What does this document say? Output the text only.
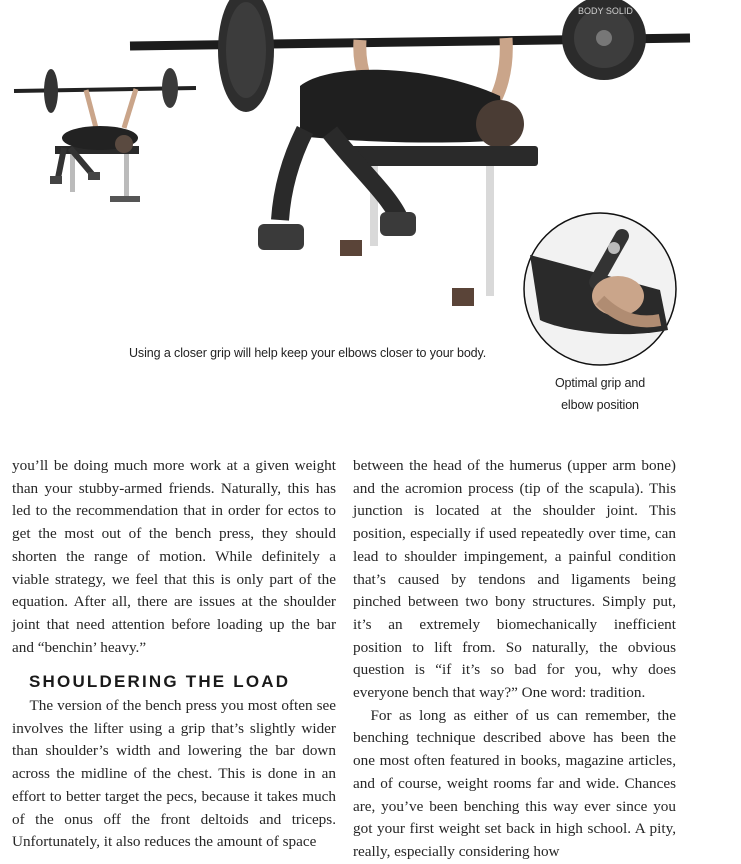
BODY SOLID
Using a closer grip will help keep your elbows closer to your body.
Optimal grip and
elbow position

you’ll be doing much more work at a given weight than your stubby-armed friends. Naturally, this has led to the recommendation that in order for ectos to get the most out of the bench press, they should shorten the range of motion. While definitely a viable strategy, we feel that this is only part of the equation. After all, there are issues at the shoulder joint that need attention before loading up the bar and “benchin’ heavy.”

SHOULDERING THE LOAD

The version of the bench press you most often see involves the lifter using a grip that’s slightly wider than shoulder’s width and lowering the bar down across the midline of the chest. This is done in an effort to better target the pecs, because it takes much of the onus off the front deltoids and triceps. Unfortunately, it also reduces the amount of space

between the head of the humerus (upper arm bone) and the acromion process (tip of the scapula). This junction is located at the shoulder joint. This position, especially if used repeatedly over time, can lead to shoulder impingement, a painful condition that’s caused by tendons and ligaments being pinched between two bony structures. Simply put, it’s an extremely biomechanically inefficient position to lift from. So naturally, the obvious question is “if it’s so bad for you, why does everyone bench that way?” One word: tradition.

For as long as either of us can remember, the benching technique described above has been the one most often featured in books, magazine articles, and of course, weight rooms far and wide. Chances are, you’ve been benching this way ever since you got your first weight set back in high school. A pity, really, especially considering how
